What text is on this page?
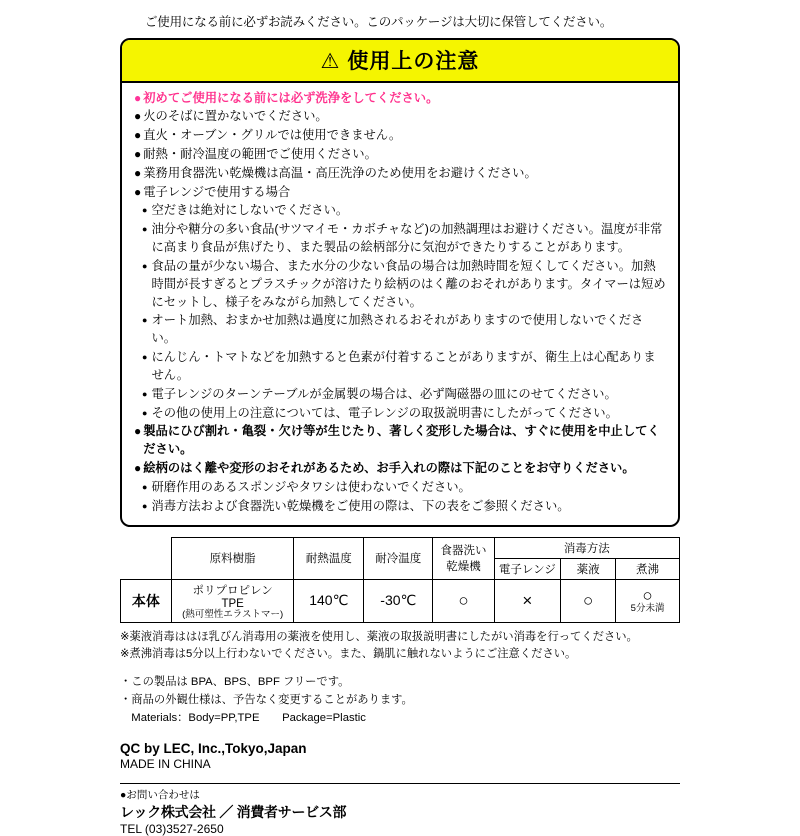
ご使用になる前に必ずお読みください。このパッケージは大切に保管してください。
⚠ 使用上の注意
● 初めてご使用になる前には必ず洗浄をしてください。
● 火のそばに置かないでください。
● 直火・オーブン・グリルでは使用できません。
● 耐熱・耐冷温度の範囲でご使用ください。
● 業務用食器洗い乾燥機は高温・高圧洗浄のため使用をお避けください。
● 電子レンジで使用する場合
● 空だきは絶対にしないでください。
● 油分や糖分の多い食品(サツマイモ・カボチャなど)の加熱調理はお避けください。温度が非常に高まり食品が焦げたり、また製品の絵柄部分に気泡ができたりすることがあります。
● 食品の量が少ない場合、また水分の少ない食品の場合は加熱時間を短くしてください。加熱時間が長すぎるとプラスチックが溶けたり絵柄のはく離のおそれがあります。タイマーは短めにセットし、様子をみながら加熱してください。
● オート加熱、おまかせ加熱は過度に加熱されるおそれがありますので使用しないでください。
● にんじん・トマトなどを加熱すると色素が付着することがありますが、衛生上は心配ありません。
● 電子レンジのターンテーブルが金属製の場合は、必ず陶磁器の皿にのせてください。
● その他の使用上の注意については、電子レンジの取扱説明書にしたがってください。
● 製品にひび割れ・亀裂・欠け等が生じたり、著しく変形した場合は、すぐに使用を中止してください。
● 絵柄のはく離や変形のおそれがあるため、お手入れの際は下記のことをお守りください。
● 研磨作用のあるスポンジやタワシは使わないでください。
● 消毒方法および食器洗い乾燥機をご使用の際は、下の表をご参照ください。
	原料樹脂	耐熱温度	耐冷温度	食器洗い
乾燥機	消毒方法		
					電子レンジ	薬液	煮沸
本体	ポリプロピレン
TPE
(熱可塑性エラストマー)	140℃	-30℃	○	×	○	○
5分未満
※薬液消毒ははほ乳びん消毒用の薬液を使用し、薬液の取扱説明書にしたがい消毒を行ってください。
※煮沸消毒は5分以上行わないでください。また、鍋肌に触れないようにご注意ください。
・この製品は BPA、BPS、BPF フリーです。
・商品の外観仕様は、予告なく変更することがあります。
　Materials：Body=PP,TPE　　Package=Plastic
QC by LEC, Inc.,Tokyo,Japan
MADE IN CHINA
●お問い合わせは
レック株式会社 ／ 消費者サービス部
TEL (03)3527-2650
